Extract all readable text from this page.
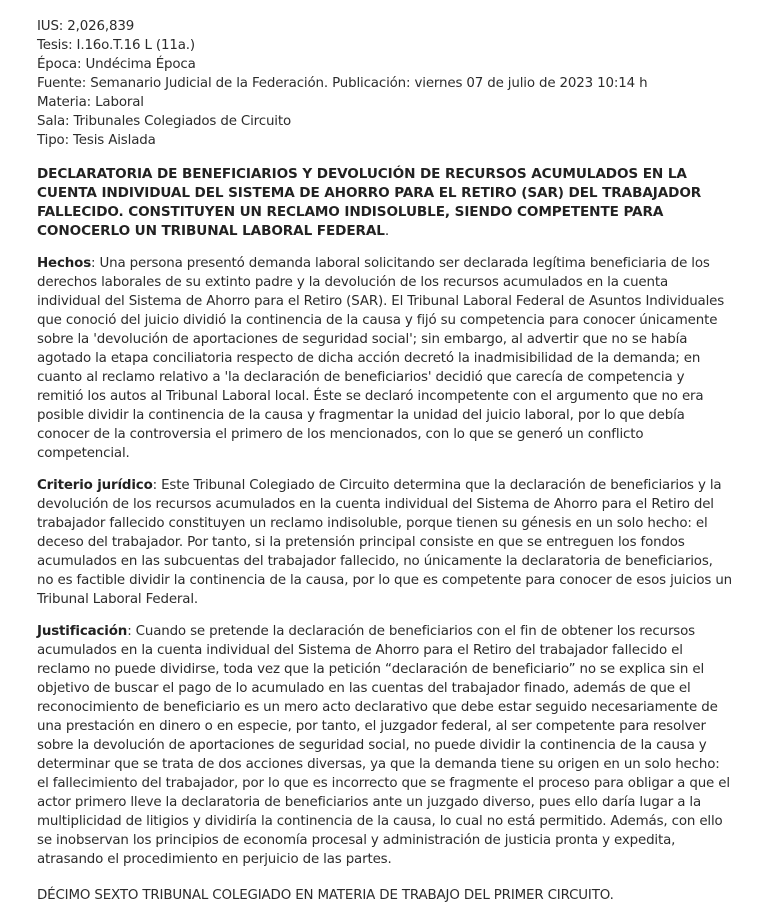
IUS: 2,026,839
Tesis: I.16o.T.16 L (11a.)
Época: Undécima Época
Fuente: Semanario Judicial de la Federación. Publicación: viernes 07 de julio de 2023 10:14 h
Materia: Laboral
Sala: Tribunales Colegiados de Circuito
Tipo: Tesis Aislada
DECLARATORIA DE BENEFICIARIOS Y DEVOLUCIÓN DE RECURSOS ACUMULADOS EN LA CUENTA INDIVIDUAL DEL SISTEMA DE AHORRO PARA EL RETIRO (SAR) DEL TRABAJADOR FALLECIDO. CONSTITUYEN UN RECLAMO INDISOLUBLE, SIENDO COMPETENTE PARA CONOCERLO UN TRIBUNAL LABORAL FEDERAL.

Hechos: Una persona presentó demanda laboral solicitando ser declarada legítima beneficiaria de los derechos laborales de su extinto padre y la devolución de los recursos acumulados en la cuenta individual del Sistema de Ahorro para el Retiro (SAR). El Tribunal Laboral Federal de Asuntos Individuales que conoció del juicio dividió la continencia de la causa y fijó su competencia para conocer únicamente sobre la 'devolución de aportaciones de seguridad social'; sin embargo, al advertir que no se había agotado la etapa conciliatoria respecto de dicha acción decretó la inadmisibilidad de la demanda; en cuanto al reclamo relativo a 'la declaración de beneficiarios' decidió que carecía de competencia y remitió los autos al Tribunal Laboral local. Éste se declaró incompetente con el argumento que no era posible dividir la continencia de la causa y fragmentar la unidad del juicio laboral, por lo que debía conocer de la controversia el primero de los mencionados, con lo que se generó un conflicto competencial.

Criterio jurídico: Este Tribunal Colegiado de Circuito determina que la declaración de beneficiarios y la devolución de los recursos acumulados en la cuenta individual del Sistema de Ahorro para el Retiro del trabajador fallecido constituyen un reclamo indisoluble, porque tienen su génesis en un solo hecho: el deceso del trabajador. Por tanto, si la pretensión principal consiste en que se entreguen los fondos acumulados en las subcuentas del trabajador fallecido, no únicamente la declaratoria de beneficiarios, no es factible dividir la continencia de la causa, por lo que es competente para conocer de esos juicios un Tribunal Laboral Federal.

Justificación: Cuando se pretende la declaración de beneficiarios con el fin de obtener los recursos acumulados en la cuenta individual del Sistema de Ahorro para el Retiro del trabajador fallecido el reclamo no puede dividirse, toda vez que la petición “declaración de beneficiario” no se explica sin el objetivo de buscar el pago de lo acumulado en las cuentas del trabajador finado, además de que el reconocimiento de beneficiario es un mero acto declarativo que debe estar seguido necesariamente de una prestación en dinero o en especie, por tanto, el juzgador federal, al ser competente para resolver sobre la devolución de aportaciones de seguridad social, no puede dividir la continencia de la causa y determinar que se trata de dos acciones diversas, ya que la demanda tiene su origen en un solo hecho: el fallecimiento del trabajador, por lo que es incorrecto que se fragmente el proceso para obligar a que el actor primero lleve la declaratoria de beneficiarios ante un juzgado diverso, pues ello daría lugar a la multiplicidad de litigios y dividiría la continencia de la causa, lo cual no está permitido. Además, con ello se inobservan los principios de economía procesal y administración de justicia pronta y expedita, atrasando el procedimiento en perjuicio de las partes.

DÉCIMO SEXTO TRIBUNAL COLEGIADO EN MATERIA DE TRABAJO DEL PRIMER CIRCUITO.
